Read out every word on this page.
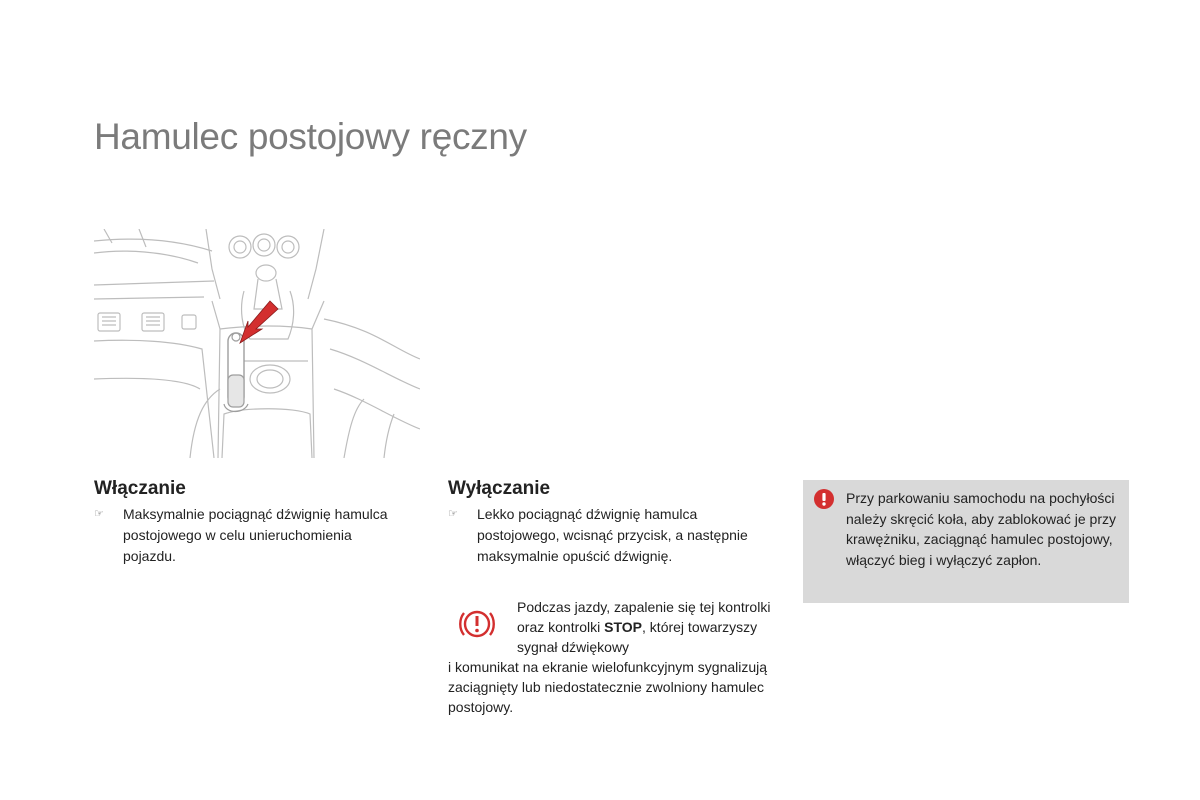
Hamulec postojowy ręczny
Włączanie
☞ Maksymalnie pociągnąć dźwignię hamulca postojowego w celu unieruchomienia pojazdu.
Wyłączanie
☞ Lekko pociągnąć dźwignię hamulca postojowego, wcisnąć przycisk, a następnie maksymalnie opuścić dźwignię.
Podczas jazdy, zapalenie się tej kontrolki oraz kontrolki STOP, której towarzyszy sygnał dźwiękowy
i komunikat na ekranie wielofunkcyjnym sygnalizują zaciągnięty lub niedostatecznie zwolniony hamulec postojowy.
Przy parkowaniu samochodu na pochyłości należy skręcić koła, aby zablokować je przy krawężniku, zaciągnąć hamulec postojowy, włączyć bieg i wyłączyć zapłon.
